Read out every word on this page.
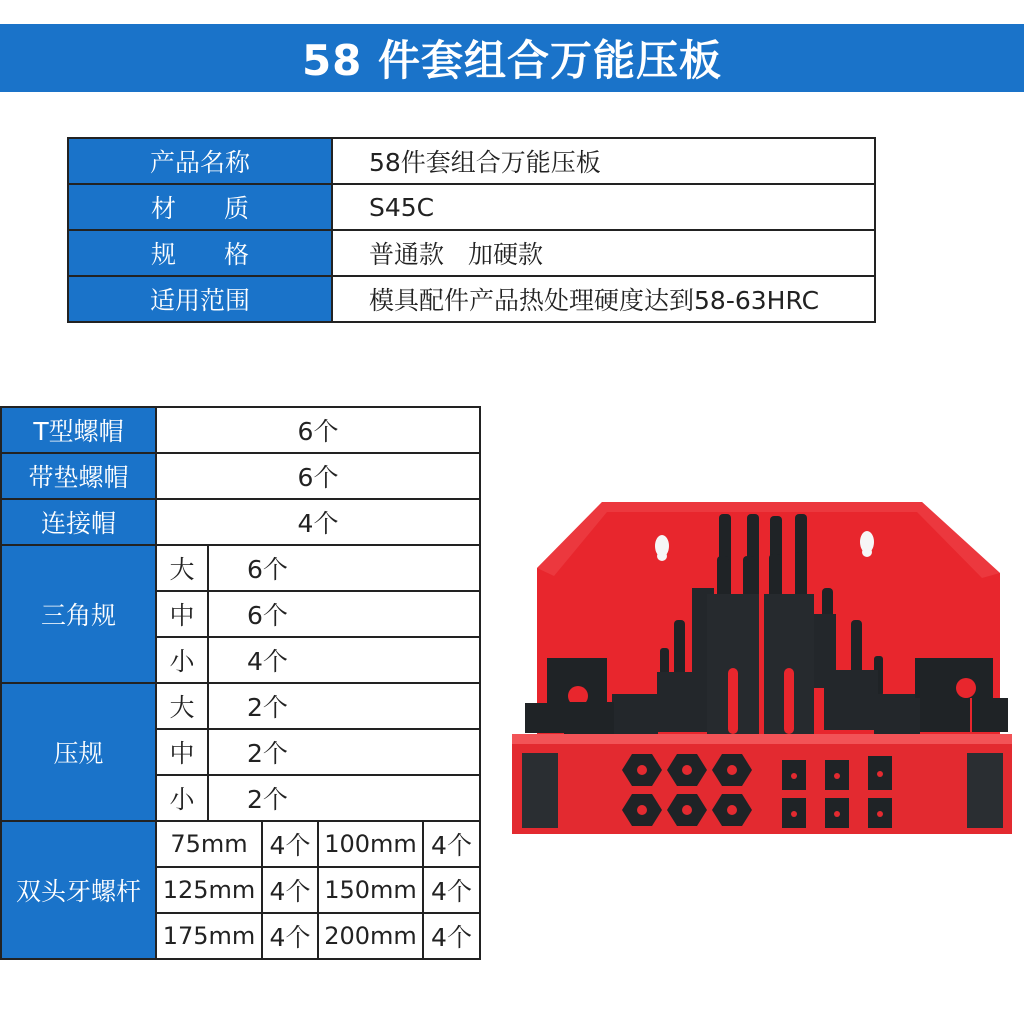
58 件套组合万能压板
产品名称	58件套组合万能压板
材 质	S45C
规 格	普通款 加硬款
适用范围	模具配件产品热处理硬度达到58-63HRC
T型螺帽	6个				
带垫螺帽	6个				
连接帽	4个				
三角规	大	6个			
	中	6个			
	小	4个			
压规	大	2个			
	中	2个			
	小	2个			
双头牙螺杆	75mm		4个	100mm	4个
	125mm		4个	150mm	4个
	175mm		4个	200mm	4个
